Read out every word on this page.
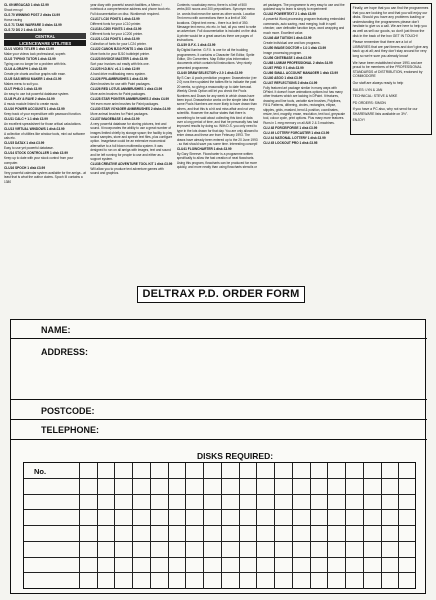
CL 69 MEGACAD 1 disk £2.99

Shoot em up!

CLS 70 WINNING POST 2 disks £4.99

Horse racing

CLS 71 TANK WARFARE 3 disks £4.99

CLS 72 DS 2 1 disk £3.00

CENTRAL
LICENCEWARE UTILITIES

CLU1 VIDEO TITLER 1 disk £3.99

Make your videos look professional, superb.

CLU2 TYPING TUTOR 1 disk £3.99

Typing can no longer be a problem with this.

CLU4 A-GRAPH 1 disk £3.99

Create pie charts and bar graphs with ease.

CLU5 SAS MENU MAKER 1 disk £3.99

Makes menu to suit you.

CLU7 PHILO 1 disk £3.99

An easy to use but powerful database system.

CLU8 PLAY & RAVE 2 disks £4.99

A music module linked to create music.

CLU10 POWER ACCOUNTS 1 disk £3.99

Keep track of your expenditure with password function.

CLU11 CALC + 1.1 disk £3.99

An excellent spreadsheet for those critical calculations.

CLU13 VIRTUAL WINDOWS 1 disk £3.99

A collection of utilities like window tools, mini out software cals etc.

CLU15 DATAX 1 disk £3.99

Easy to use yet powerful database.

CLU14 STOCK CONTROLLER 1 disk £3.99

Keep up to date with your stock control from your computer.

CLU16 SPOCH 1 disk £3.99

Very powerful calendar system available for the amiga - at least that is what the author claims. Spoch III contains a 1380

year diary with powerful search facilities, a Memo / notebook a comprehensive address and phone book etc. Full documentation on disc. Workbench required.

CLU17 LC10 FONTS 1 disk £3.99

Different fonts for your LC10 printer.

CLU18 LC200 FONTS 1 disk £3.99

Different fonts for your LC200 printer.

CLU21 LC24 FONTS 1 disk £3.99

Collection of fonts for your LC24 printer.

CLU22 CANON BJ10 FONTS 1 disk £3.99

More fonts for your BJ10 bubblejet printer.

CLU23 INVOICE MASTER 1 disk £3.99

Sort your invoices out easily with this one.

CLU25 H.D.M.V. v1.1 1 disk £2.99

A hard drive multitasking menu system.

CLU26 FFILAMBRUSHES 1 disk £3.99

Alien brushes for use with Paint packages.

CLU26 RED LOTUS ANMBRUSHES 1 disk £3.99

More anim brushes for Paint packages.

CLU28 STAR POINTER ANMBRUSHES 2 disks £4.99

Yet even more anim brushes for Paint packages.

CLU30 STAR VOYAGER ANMBRUSHES 2 disks £4.99

More animal brushes for Paint packages.

CLU37 IMAGEBASE 1 disk £3.99

A very powerful database for storing pictures, text and sound. It incorporates the ability to use a great number of images limited chiefly by storage space; the facility to play sound samples, store and speech text files, plus configure option. Imagebase could be an extensive economical alternative to a full blown multimedia system. It was designed to run on all amiga with images, text and sound and be left running for people to use and either as a support system.

CLU38 CREATIVE ADVENTURE TOOL KIT 1 disk £3.99

Will allow you to produce text adventure games with sound and graphics.

Contents: vocabulary menu, there is a limit of 500 verbs,500 nouns and 200 prepositions. Synonym menu i.e. words that mean the same as other words. Location Text menu with connections there is a limit of 300 locations. Object text menu - there is a limit of 350. Message text menu, etc etc. in fact, all you need to write an adventure. Full documentation is included on the disk. A printer would be a great asset as there are pages of instructions.

CLU39 G.F.X. 1 disk £3.99

By Digital Ilumine. G.F.X. is one for all the budding programmers. It contains a Character Set Editor, Sprite Editor, Gfx Converters. Map Editor plus information documents which contain full instructions. Very nicely presented programme.

CLU40 DRAW SELECTOR v 2.0 1 disk £3.99

By S Carr. A pools prediction program: Drawselector (ver 2.0) runs then updated the tables file to indicate the past 20 weeks, so giving a reasonably up to date forecast. Weekly Check Option will let you check the Pools Numbers and Draws for any week in which draws have been input. Drawselector works on the simple idea that some Pools Numbers are more likely to have drawn than others, and that this is a hit and miss affair and not very scientific. However the author states that there is something to be said about collecting this kind of data over a long period of time, and that he personally has had improved results by doing so. With D.S. you only need to type in the lots drawn for that day. You are only allowed to enter draws and these are from February 1993. The draws have already been entered up to the 20 June 1993 - so that should save you some time. Interesting concept!

CLU41 FLOWCHARTER 1 disk £3.99

By Gary Shreeve. Flowcharter is a programme written specifically to allow the fast creation of neat flowcharts. Using this program, flowcharts can be produced far more quickly, and more neatly than using flowcharts stencils or

art packages. The programme is very easy to use and the quickest way to learn is simply to experiment!

CLU42 POWERTEXT 2 1 disk £3.99

A powerful Word-processing program featuring embedded commands, auto saving, read merging, built in spell checker, user definable function keys, word wrapping and much more. Excellent value.

CLU46 AM TUITION 1 disk £3.99

Create individual one and two programs.

CLU50 IMAGE DOCTOR v 1.0 1 disk £3.99

Image processing program.

CLU56 CINTEBASE 1 disk £3.99

CLU68 LUMUM PROFESSIONAL 2 disks £4.99

CLU67 PRID !! 1 disk £3.99

CLU66 SMALL ACCOUNT MANAGER 1 disk £3.99

CLU40 ASOO 1 disk £3.99

CLU47 REFLECTIONS 2 disks £4.99

Fully featured art package similar in many ways with DPaint. It doesn't have animations options but has many other features which are lacking in DPaint. It features, drawing and line tools, variable size brushes, Polylines, Fill & Patterns, dithering, circles, rectangles, ellipse, stipples, grids, masked, bend & position, coordinates, resize, text, magnify, erase, resolution, text tool, greyscale tool, colour cycle, print options. Plus many more features. Runs in 1 meg memory on all AMI 2 & 3 machines.

CLU 48 FORCE/FORGE 1 disk £3.99

CLU 49 LOTTERY FORCASTER 1 disk £3.99

CLU 44 NATIONAL LOTTERY 1 disk £3.99

CLU 45 LOCKOUT PRO 1 disk £3.95

Finally, we hope that you can find the programmes that you are looking for and that you will enjoy our disks. Should you have any problems loading or understanding the programmes please don't hesitate to give us a call. We are here to help you as well as sell our goods, so don't just throw the disk in the back of the box GET IN TOUCH!

Please remember that there are a lot of LIBRARIES that are part timers and don't give any back up at all; and they don't stay around for very long so we're sure you already know!

We have been established since 1991 and are proud to be members of the PROFESSIONAL STANDARDS of DISTRIBUTION, endorsed by COMMODORE

Our staff are always ready to help

SALES: LYN & JAN

TECHNICAL: STEVE & MIKE

PD ORDERS: SIMON

If you have a PC also, why not send for our SHAREWARE lists available on 3½".

ENJOY!

DELTRAX P.D. ORDER FORM
NAME:
ADDRESS:
POSTCODE:
TELEPHONE:
DISKS REQUIRED:
No.
